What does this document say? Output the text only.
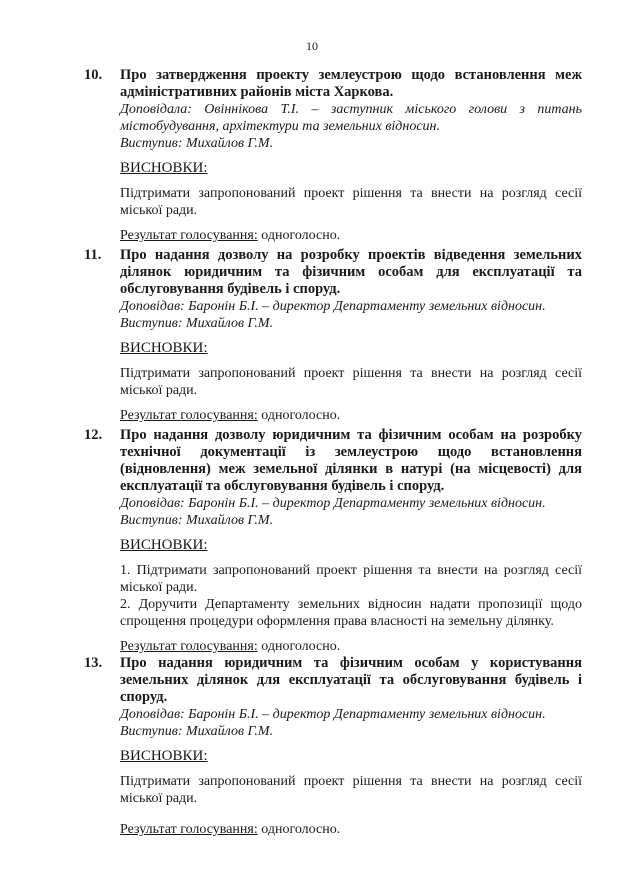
10
10.	Про затвердження проекту землеустрою щодо встановлення меж адміністративних районів міста Харкова.
Доповідала: Овіннікова Т.І. – заступник міського голови з питань містобудування, архітектури та земельних відносин.
Виступив: Михайлов Г.М.
ВИСНОВКИ:

Підтримати запропонований проект рішення та внести на розгляд сесії міської ради.

Результат голосування: одноголосно.
11.	Про надання дозволу на розробку проектів відведення земельних ділянок юридичним та фізичним особам для експлуатації та обслуговування будівель і споруд.
Доповідав: Баронін Б.І. – директор Департаменту земельних відносин.
Виступив: Михайлов Г.М.
ВИСНОВКИ:

Підтримати запропонований проект рішення та внести на розгляд сесії міської ради.

Результат голосування: одноголосно.
12.	Про надання дозволу юридичним та фізичним особам на розробку технічної документації із землеустрою щодо встановлення (відновлення) меж земельної ділянки в натурі (на місцевості) для експлуатації та обслуговування будівель і споруд.
Доповідав: Баронін Б.І. – директор Департаменту земельних відносин.
Виступив: Михайлов Г.М.
ВИСНОВКИ:

1. Підтримати запропонований проект рішення та внести на розгляд сесії міської ради.

2. Доручити Департаменту земельних відносин надати пропозиції щодо спрощення процедури оформлення права власності на земельну ділянку.

Результат голосування: одноголосно.
13.	Про надання юридичним та фізичним особам у користування земельних ділянок для експлуатації та обслуговування будівель і споруд.
Доповідав: Баронін Б.І. – директор Департаменту земельних відносин.
Виступив: Михайлов Г.М.
ВИСНОВКИ:

Підтримати запропонований проект рішення та внести на розгляд сесії міської ради.

Результат голосування: одноголосно.
